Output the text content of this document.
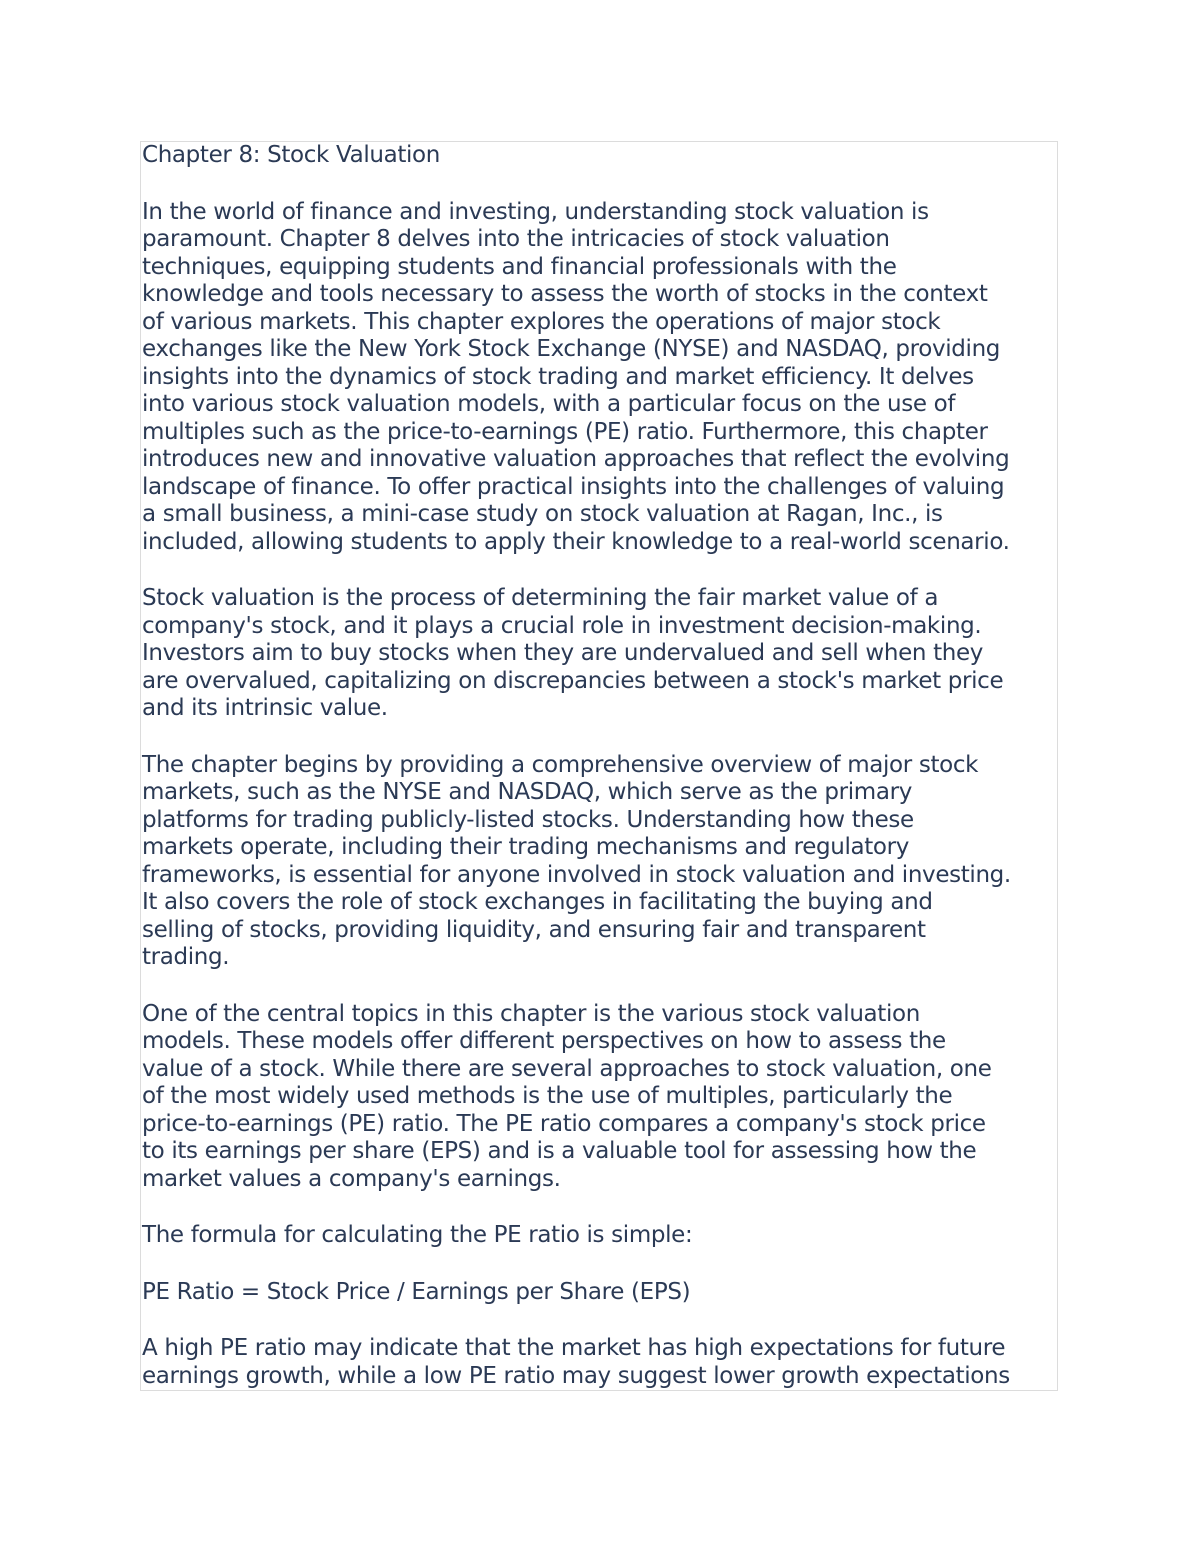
Chapter 8: Stock Valuation
In the world of finance and investing, understanding stock valuation is
paramount. Chapter 8 delves into the intricacies of stock valuation
techniques, equipping students and financial professionals with the
knowledge and tools necessary to assess the worth of stocks in the context
of various markets. This chapter explores the operations of major stock
exchanges like the New York Stock Exchange (NYSE) and NASDAQ, providing
insights into the dynamics of stock trading and market efficiency. It delves
into various stock valuation models, with a particular focus on the use of
multiples such as the price-to-earnings (PE) ratio. Furthermore, this chapter
introduces new and innovative valuation approaches that reflect the evolving
landscape of finance. To offer practical insights into the challenges of valuing
a small business, a mini-case study on stock valuation at Ragan, Inc., is
included, allowing students to apply their knowledge to a real-world scenario.
Stock valuation is the process of determining the fair market value of a
company's stock, and it plays a crucial role in investment decision-making.
Investors aim to buy stocks when they are undervalued and sell when they
are overvalued, capitalizing on discrepancies between a stock's market price
and its intrinsic value.
The chapter begins by providing a comprehensive overview of major stock
markets, such as the NYSE and NASDAQ, which serve as the primary
platforms for trading publicly-listed stocks. Understanding how these
markets operate, including their trading mechanisms and regulatory
frameworks, is essential for anyone involved in stock valuation and investing.
It also covers the role of stock exchanges in facilitating the buying and
selling of stocks, providing liquidity, and ensuring fair and transparent
trading.
One of the central topics in this chapter is the various stock valuation
models. These models offer different perspectives on how to assess the
value of a stock. While there are several approaches to stock valuation, one
of the most widely used methods is the use of multiples, particularly the
price-to-earnings (PE) ratio. The PE ratio compares a company's stock price
to its earnings per share (EPS) and is a valuable tool for assessing how the
market values a company's earnings.
The formula for calculating the PE ratio is simple:
PE Ratio = Stock Price / Earnings per Share (EPS)
A high PE ratio may indicate that the market has high expectations for future
earnings growth, while a low PE ratio may suggest lower growth expectations
